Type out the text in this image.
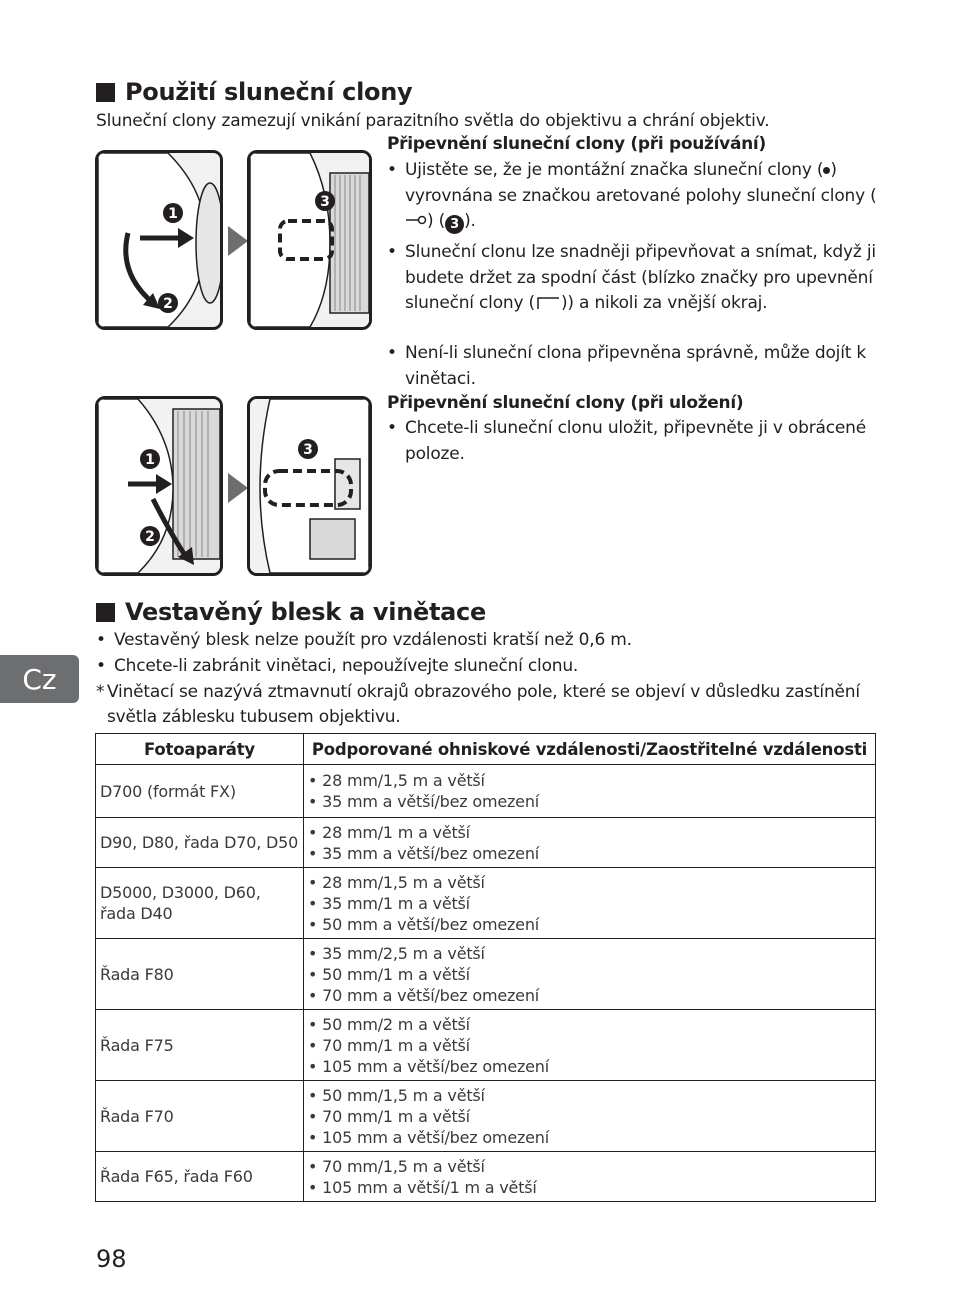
Použití sluneční clony
Sluneční clony zamezují vnikání parazitního světla do objektivu a chrání objektiv.
1
2
3
Připevnění sluneční clony (při používání)
• Ujistěte se, že je montážní značka sluneční clony ( ) vyrovnána se značkou aretované polohy sluneční clony () ( 3 ).
• Sluneční clonu lze snadněji připevňovat a snímat, když ji budete držet za spodní část (blízko značky pro upevnění sluneční clony ( )) a nikoli za vnější okraj.
• Není-li sluneční clona připevněna správně, může dojít k vinětaci.
1
2
3
Připevnění sluneční clony (při uložení)
• Chcete-li sluneční clonu uložit, připevněte ji v obrácené poloze.
Vestavěný blesk a vinětace
• Vestavěný blesk nelze použít pro vzdálenosti kratší než 0,6 m.
• Chcete-li zabránit vinětaci, nepoužívejte sluneční clonu.
* Vinětací se nazývá ztmavnutí okrajů obrazového pole, které se objeví v důsledku zastínění světla záblesku tubusem objektivu.
Fotoaparáty	Podporované ohniskové vzdálenosti/Zaostřitelné vzdálenosti
D700 (formát FX)	• 28 mm/1,5 m a větší
• 35 mm a větší/bez omezení

D90, D80, řada D70, D50	• 28 mm/1 m a větší
• 35 mm a větší/bez omezení

D5000, D3000, D60, řada D40	• 28 mm/1,5 m a větší
• 35 mm/1 m a větší
• 50 mm a větší/bez omezení

Řada F80	• 35 mm/2,5 m a větší
• 50 mm/1 m a větší
• 70 mm a větší/bez omezení

Řada F75	• 50 mm/2 m a větší
• 70 mm/1 m a větší
• 105 mm a větší/bez omezení

Řada F70	• 50 mm/1,5 m a větší
• 70 mm/1 m a větší
• 105 mm a větší/bez omezení

Řada F65, řada F60	• 70 mm/1,5 m a větší
• 105 mm a větší/1 m a větší
Cz
98
